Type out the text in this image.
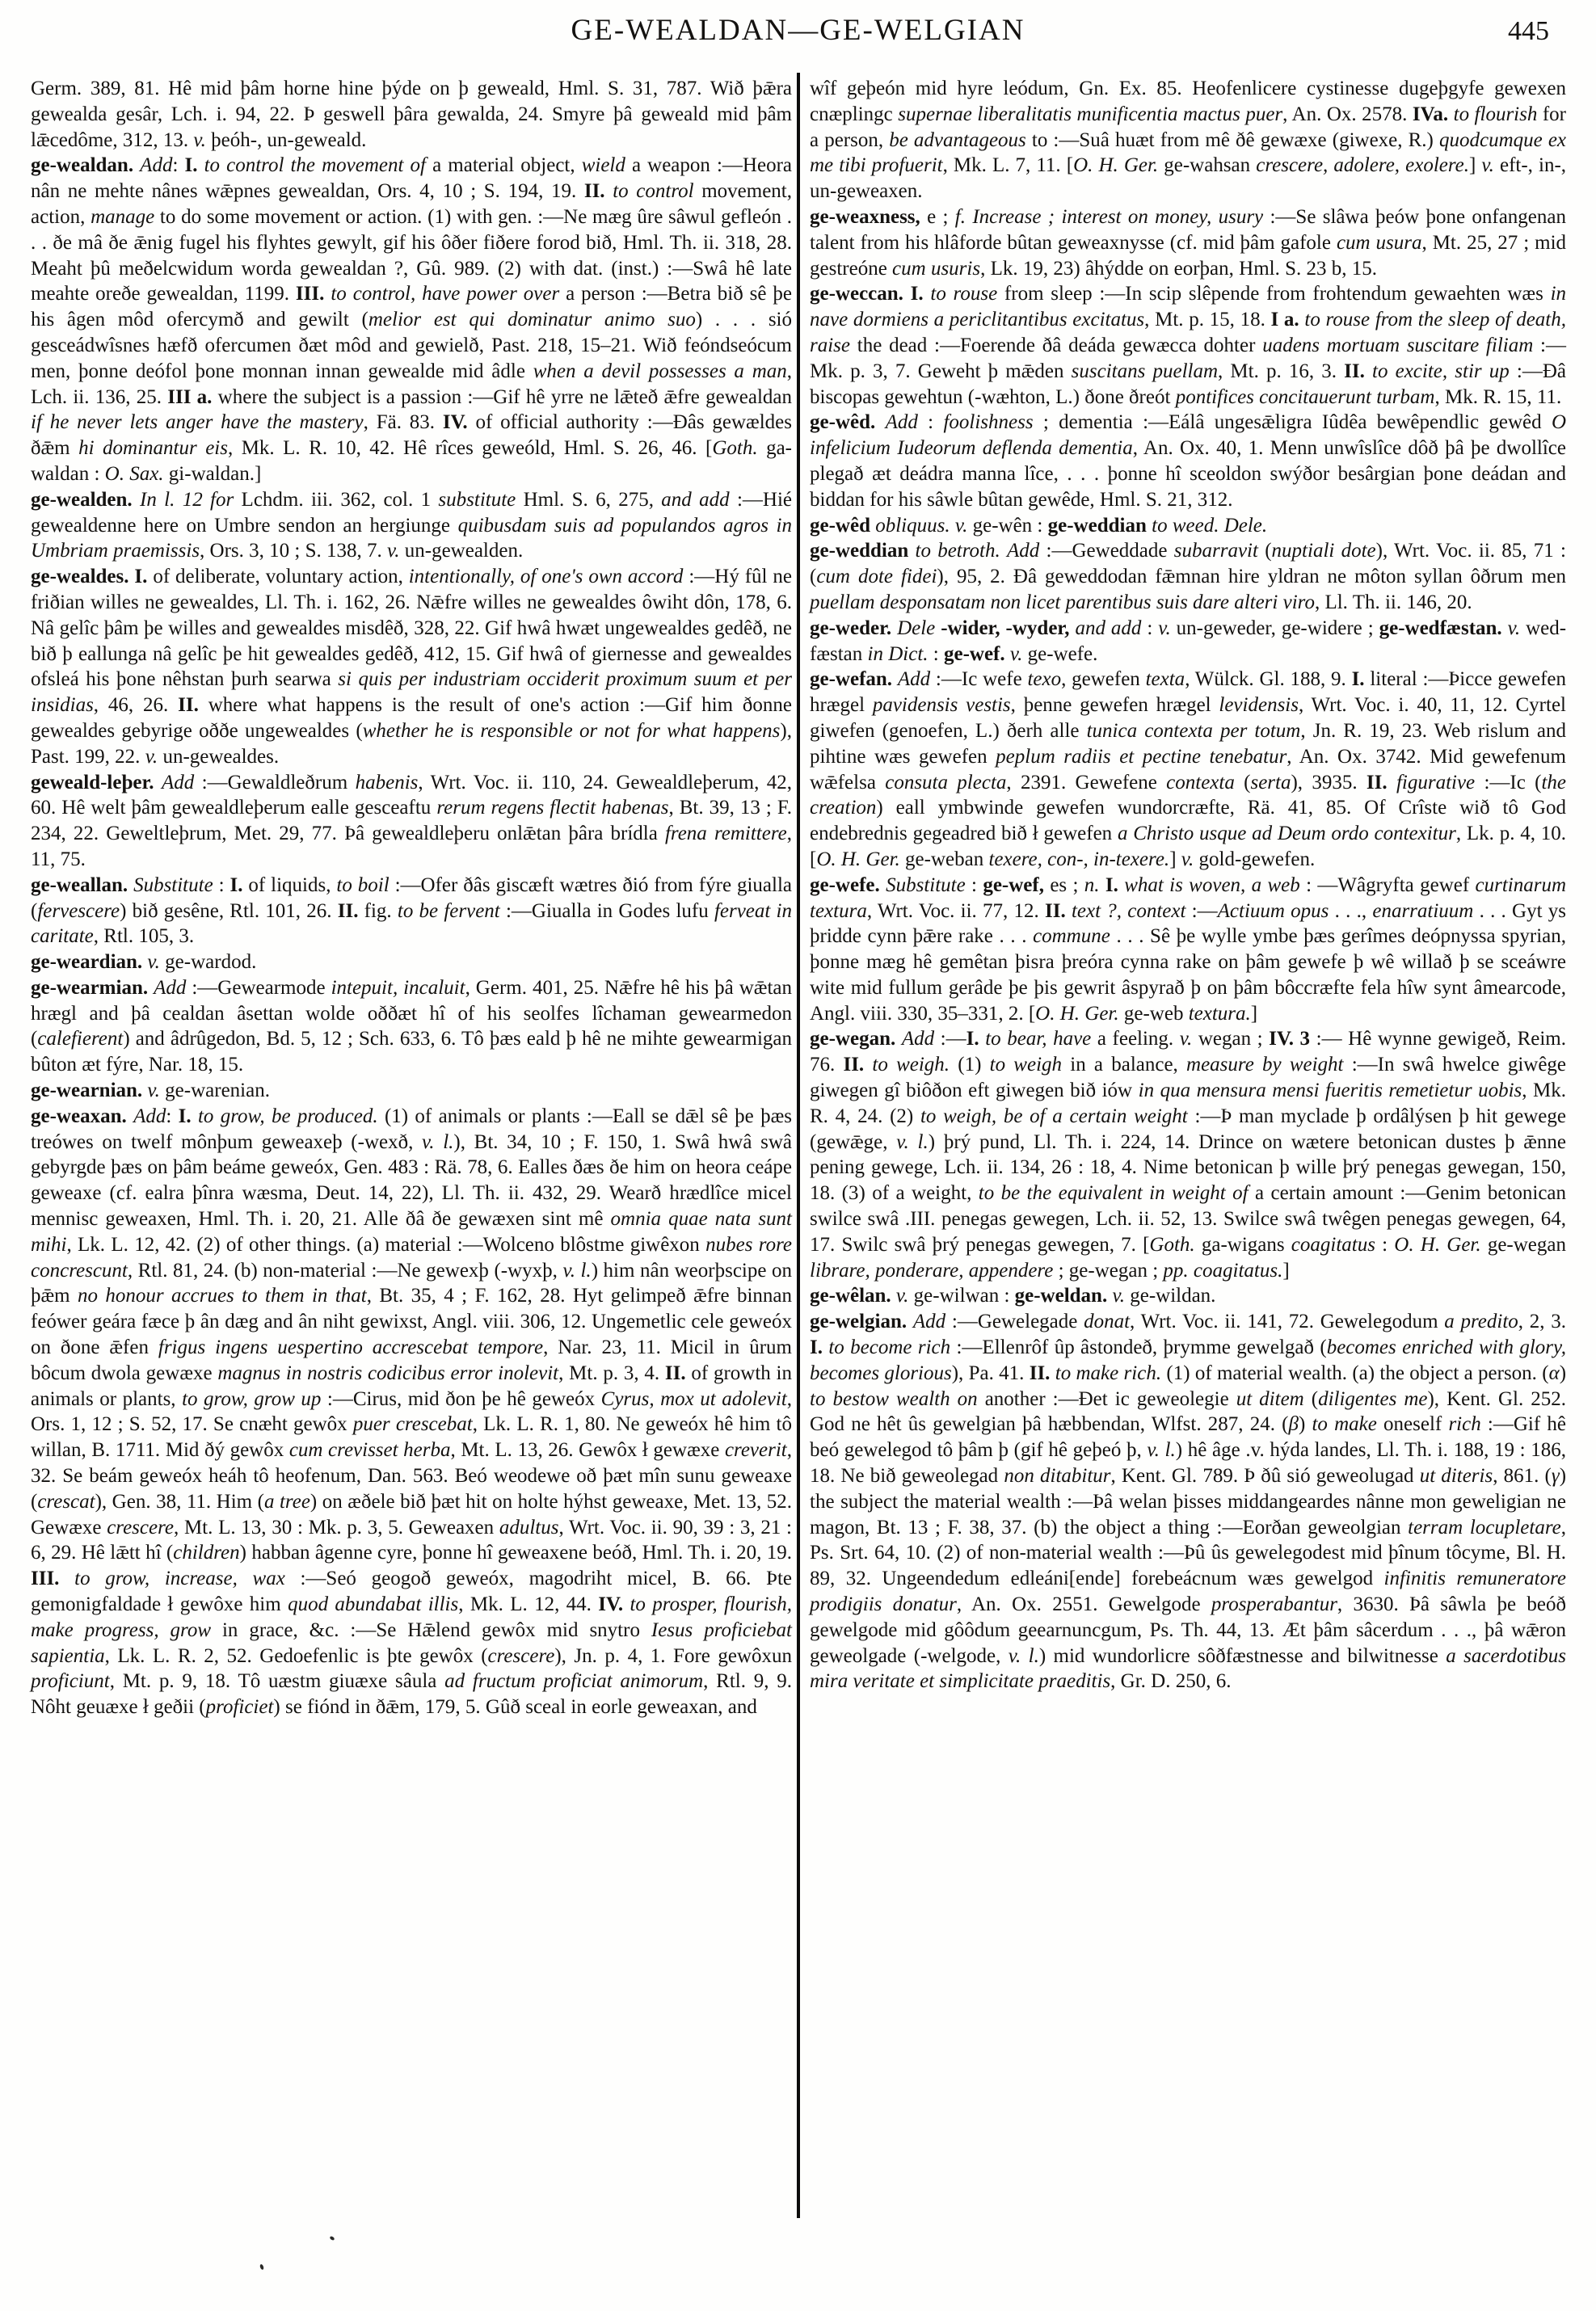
GE-WEALDAN—GE-WELGIAN	445

Germ. 389, 81. Hê mid þâm horne hine þýde on þ geweald, Hml. S. 31, 787. Wið þǣra gewealda gesâr, Lch. i. 94, 22. Þ geswell þâra gewalda, 24. Smyre þâ geweald mid þâm lǣcedôme, 312, 13. v. þeóh-, un-geweald.

ge-wealdan. Add: I. to control the movement of a material object, wield a weapon :—Heora nân ne mehte nânes wǣpnes gewealdan, Ors. 4, 10 ; S. 194, 19. II. to control movement, action, manage to do some movement or action. (1) with gen. :—Ne mæg ûre sâwul gefleón . . . ðe mâ ðe ǣnig fugel his flyhtes gewylt, gif his ôðer fiðere forod bið, Hml. Th. ii. 318, 28. Meaht þû meðelcwidum worda gewealdan ?, Gû. 989. (2) with dat. (inst.) :—Swâ hê late meahte oreðe gewealdan, 1199. III. to control, have power over a person :—Betra bið sê þe his âgen môd ofercymð and gewilt (melior est qui dominatur animo suo) . . . sió gesceádwîsnes hæfð ofercumen ðæt môd and gewielð, Past. 218, 15–21. Wið feóndseócum men, þonne deófol þone monnan innan gewealde mid âdle when a devil possesses a man, Lch. ii. 136, 25. III a. where the subject is a passion :—Gif hê yrre ne lǣteð ǣfre gewealdan if he never lets anger have the mastery, Fä. 83. IV. of official authority :—Ðâs gewældes ðǣm hi dominantur eis, Mk. L. R. 10, 42. Hê rîces geweóld, Hml. S. 26, 46. [Goth. ga-waldan : O. Sax. gi-waldan.]

ge-wealden. In l. 12 for Lchdm. iii. 362, col. 1 substitute Hml. S. 6, 275, and add :—Hié gewealdenne here on Umbre sendon an hergiunge quibusdam suis ad populandos agros in Umbriam praemissis, Ors. 3, 10 ; S. 138, 7. v. un-gewealden.

ge-wealdes. I. of deliberate, voluntary action, intentionally, of one's own accord :—Hý fûl ne friðian willes ne gewealdes, Ll. Th. i. 162, 26. Nǣfre willes ne gewealdes ôwiht dôn, 178, 6. Nâ gelîc þâm þe willes and gewealdes misdêð, 328, 22. Gif hwâ hwæt ungewealdes gedêð, ne bið þ eallunga nâ gelîc þe hit gewealdes gedêð, 412, 15. Gif hwâ of giernesse and gewealdes ofsleá his þone nêhstan þurh searwa si quis per industriam occiderit proximum suum et per insidias, 46, 26. II. where what happens is the result of one's action :—Gif him ðonne gewealdes gebyrige oððe ungewealdes (whether he is responsible or not for what happens), Past. 199, 22. v. un-gewealdes.

geweald-leþer. Add :—Gewaldleðrum habenis, Wrt. Voc. ii. 110, 24. Gewealdleþerum, 42, 60. Hê welt þâm gewealdleþerum ealle gesceaftu rerum regens flectit habenas, Bt. 39, 13 ; F. 234, 22. Geweltleþrum, Met. 29, 77. Þâ gewealdleþeru onlǣtan þâra brídla frena remittere, 11, 75.

ge-weallan. Substitute : I. of liquids, to boil :—Ofer ðâs giscæft wætres ðió from fýre giualla (fervescere) bið gesêne, Rtl. 101, 26. II. fig. to be fervent :—Giualla in Godes lufu ferveat in caritate, Rtl. 105, 3.

ge-weardian. v. ge-wardod.

ge-wearmian. Add :—Gewearmode intepuit, incaluit, Germ. 401, 25. Nǣfre hê his þâ wǣtan hrægl and þâ cealdan âsettan wolde oððæt hî of his seolfes lîchaman gewearmedon (calefierent) and âdrûgedon, Bd. 5, 12 ; Sch. 633, 6. Tô þæs eald þ hê ne mihte gewearmigan bûton æt fýre, Nar. 18, 15.

ge-wearnian. v. ge-warenian.

ge-weaxan. Add: I. to grow, be produced. (1) of animals or plants :—Eall se dǣl sê þe þæs treówes on twelf mônþum geweaxeþ (-wexð, v. l.), Bt. 34, 10 ; F. 150, 1. Swâ hwâ swâ gebyrgde þæs on þâm beáme geweóx, Gen. 483 : Rä. 78, 6. Ealles ðæs ðe him on heora ceápe geweaxe (cf. ealra þînra wæsma, Deut. 14, 22), Ll. Th. ii. 432, 29. Wearð hrædlîce micel mennisc geweaxen, Hml. Th. i. 20, 21. Alle ðâ ðe gewæxen sint mê omnia quae nata sunt mihi, Lk. L. 12, 42. (2) of other things. (a) material :—Wolceno blôstme giwêxon nubes rore concrescunt, Rtl. 81, 24. (b) non-material :—Ne gewexþ (-wyxþ, v. l.) him nân weorþscipe on þǣm no honour accrues to them in that, Bt. 35, 4 ; F. 162, 28. Hyt gelimpeð ǣfre binnan feówer geára fæce þ ân dæg and ân niht gewixst, Angl. viii. 306, 12. Ungemetlic cele geweóx on ðone ǣfen frigus ingens uespertino accrescebat tempore, Nar. 23, 11. Micil in ûrum bôcum dwola gewæxe magnus in nostris codicibus error inolevit, Mt. p. 3, 4. II. of growth in animals or plants, to grow, grow up :—Cirus, mid ðon þe hê geweóx Cyrus, mox ut adolevit, Ors. 1, 12 ; S. 52, 17. Se cnæht gewôx puer crescebat, Lk. L. R. 1, 80. Ne geweóx hê him tô willan, B. 1711. Mid ðý gewôx cum crevisset herba, Mt. L. 13, 26. Gewôx ł gewæxe creverit, 32. Se beám geweóx heáh tô heofenum, Dan. 563. Beó weodewe oð þæt mîn sunu geweaxe (crescat), Gen. 38, 11. Him (a tree) on æðele bið þæt hit on holte hýhst geweaxe, Met. 13, 52. Gewæxe crescere, Mt. L. 13, 30 : Mk. p. 3, 5. Geweaxen adultus, Wrt. Voc. ii. 90, 39 : 3, 21 : 6, 29. Hê lǣtt hî (children) habban âgenne cyre, þonne hî geweaxene beóð, Hml. Th. i. 20, 19. III. to grow, increase, wax :—Seó geogoð geweóx, magodriht micel, B. 66. Þte gemonigfaldade ł gewôxe him quod abundabat illis, Mk. L. 12, 44. IV. to prosper, flourish, make progress, grow in grace, &c. :—Se Hǣlend gewôx mid snytro Iesus proficiebat sapientia, Lk. L. R. 2, 52. Gedoefenlic is þte gewôx (crescere), Jn. p. 4, 1. Fore gewôxun proficiunt, Mt. p. 9, 18. Tô uæstm giuæxe sâula ad fructum proficiat animorum, Rtl. 9, 9. Nôht geuæxe ł geðii (proficiet) se fiónd in ðǣm, 179, 5. Gûð sceal in eorle geweaxan, and

wîf geþeón mid hyre leódum, Gn. Ex. 85. Heofenlicere cystinesse dugeþgyfe gewexen cnæplingc supernae liberalitatis munificentia mactus puer, An. Ox. 2578. IVa. to flourish for a person, be advantageous to :—Suâ huæt from mê ðê gewæxe (giwexe, R.) quodcumque ex me tibi profuerit, Mk. L. 7, 11. [O. H. Ger. ge-wahsan crescere, adolere, exolere.] v. eft-, in-, un-geweaxen.

ge-weaxness, e ; f. Increase ; interest on money, usury :—Se slâwa þeów þone onfangenan talent from his hlâforde bûtan geweaxnysse (cf. mid þâm gafole cum usura, Mt. 25, 27 ; mid gestreóne cum usuris, Lk. 19, 23) âhýdde on eorþan, Hml. S. 23 b, 15.

ge-weccan. I. to rouse from sleep :—In scip slêpende from frohtendum gewaehten wæs in nave dormiens a periclitantibus excitatus, Mt. p. 15, 18. I a. to rouse from the sleep of death, raise the dead :—Foerende ðâ deáda gewæcca dohter uadens mortuam suscitare filiam :—Mk. p. 3, 7. Geweht þ mǣden suscitans puellam, Mt. p. 16, 3. II. to excite, stir up :—Ðâ biscopas gewehtun (-wæhton, L.) ðone ðreót pontifices concitauerunt turbam, Mk. R. 15, 11.

ge-wêd. Add : foolishness ; dementia :—Eálâ ungesǣligra Iûdêa bewêpendlic gewêd O infelicium Iudeorum deflenda dementia, An. Ox. 40, 1. Menn unwîslîce dôð þâ þe dwollîce plegað æt deádra manna lîce, . . . þonne hî sceoldon swýðor besârgian þone deádan and biddan for his sâwle bûtan gewêde, Hml. S. 21, 312.

ge-wêd obliquus. v. ge-wên : ge-weddian to weed. Dele.

ge-weddian to betroth. Add :—Geweddade subarravit (nuptiali dote), Wrt. Voc. ii. 85, 71 : (cum dote fidei), 95, 2. Ðâ geweddodan fǣmnan hire yldran ne môton syllan ôðrum men puellam desponsatam non licet parentibus suis dare alteri viro, Ll. Th. ii. 146, 20.

ge-weder. Dele -wider, -wyder, and add : v. un-geweder, ge-widere ; ge-wedfæstan. v. wed-fæstan in Dict. : ge-wef. v. ge-wefe.

ge-wefan. Add :—Ic wefe texo, gewefen texta, Wülck. Gl. 188, 9. I. literal :—Þicce gewefen hrægel pavidensis vestis, þenne gewefen hrægel levidensis, Wrt. Voc. i. 40, 11, 12. Cyrtel giwefen (genoefen, L.) ðerh alle tunica contexta per totum, Jn. R. 19, 23. Web rislum and pihtine wæs gewefen peplum radiis et pectine tenebatur, An. Ox. 3742. Mid gewefenum wǣfelsa consuta plecta, 2391. Gewefene contexta (serta), 3935. II. figurative :—Ic (the creation) eall ymbwinde gewefen wundorcræfte, Rä. 41, 85. Of Crîste wið tô God endebrednis gegeadred bið ł gewefen a Christo usque ad Deum ordo contexitur, Lk. p. 4, 10. [O. H. Ger. ge-weban texere, con-, in-texere.] v. gold-gewefen.

ge-wefe. Substitute : ge-wef, es ; n. I. what is woven, a web : —Wâgryfta gewef curtinarum textura, Wrt. Voc. ii. 77, 12. II. text ?, context :—Actiuum opus . . ., enarratiuum . . . Gyt ys þridde cynn þǣre rake . . . commune . . . Sê þe wylle ymbe þæs gerîmes deópnyssa spyrian, þonne mæg hê gemêtan þisra þreóra cynna rake on þâm gewefe þ wê willað þ se sceáwre wite mid fullum gerâde þe þis gewrit âspyrað þ on þâm bôccræfte fela hîw synt âmearcode, Angl. viii. 330, 35–331, 2. [O. H. Ger. ge-web textura.]

ge-wegan. Add :—I. to bear, have a feeling. v. wegan ; IV. 3 :— Hê wynne gewigeð, Reim. 76. II. to weigh. (1) to weigh in a balance, measure by weight :—In swâ hwelce giwêge giwegen gî biôðon eft giwegen bið iów in qua mensura mensi fueritis remetietur uobis, Mk. R. 4, 24. (2) to weigh, be of a certain weight :—Þ man myclade þ ordâlýsen þ hit gewege (gewǣge, v. l.) þrý pund, Ll. Th. i. 224, 14. Drince on wætere betonican dustes þ ǣnne pening gewege, Lch. ii. 134, 26 : 18, 4. Nime betonican þ wille þrý penegas gewegan, 150, 18. (3) of a weight, to be the equivalent in weight of a certain amount :—Genim betonican swilce swâ .III. penegas gewegen, Lch. ii. 52, 13. Swilce swâ twêgen penegas gewegen, 64, 17. Swilc swâ þrý penegas gewegen, 7. [Goth. ga-wigans coagitatus : O. H. Ger. ge-wegan librare, ponderare, appendere ; ge-wegan ; pp. coagitatus.]

ge-wêlan. v. ge-wilwan : ge-weldan. v. ge-wildan.

ge-welgian. Add :—Gewelegade donat, Wrt. Voc. ii. 141, 72. Gewelegodum a predito, 2, 3. I. to become rich :—Ellenrôf ûp âstondeð, þrymme gewelgað (becomes enriched with glory, becomes glorious), Pa. 41. II. to make rich. (1) of material wealth. (a) the object a person. (α) to bestow wealth on another :—Ðet ic geweolegie ut ditem (diligentes me), Kent. Gl. 252. God ne hêt ûs gewelgian þâ hæbbendan, Wlfst. 287, 24. (β) to make oneself rich :—Gif hê beó gewelegod tô þâm þ (gif hê geþeó þ, v. l.) hê âge .v. hýda landes, Ll. Th. i. 188, 19 : 186, 18. Ne bið geweolegad non ditabitur, Kent. Gl. 789. Þ ðû sió geweolugad ut diteris, 861. (γ) the subject the material wealth :—Þâ welan þisses middangeardes nânne mon geweligian ne magon, Bt. 13 ; F. 38, 37. (b) the object a thing :—Eorðan geweolgian terram locupletare, Ps. Srt. 64, 10. (2) of non-material wealth :—Þû ûs gewelegodest mid þînum tôcyme, Bl. H. 89, 32. Ungeendedum edleáni[ende] forebeácnum wæs gewelgod infinitis remuneratore prodigiis donatur, An. Ox. 2551. Gewelgode prosperabantur, 3630. Þâ sâwla þe beóð gewelgode mid gôôdum geearnuncgum, Ps. Th. 44, 13. Æt þâm sâcerdum . . ., þâ wǣron geweolgade (-welgode, v. l.) mid wundorlicre sôðfæstnesse and bilwitnesse a sacerdotibus mira veritate et simplicitate praeditis, Gr. D. 250, 6.
